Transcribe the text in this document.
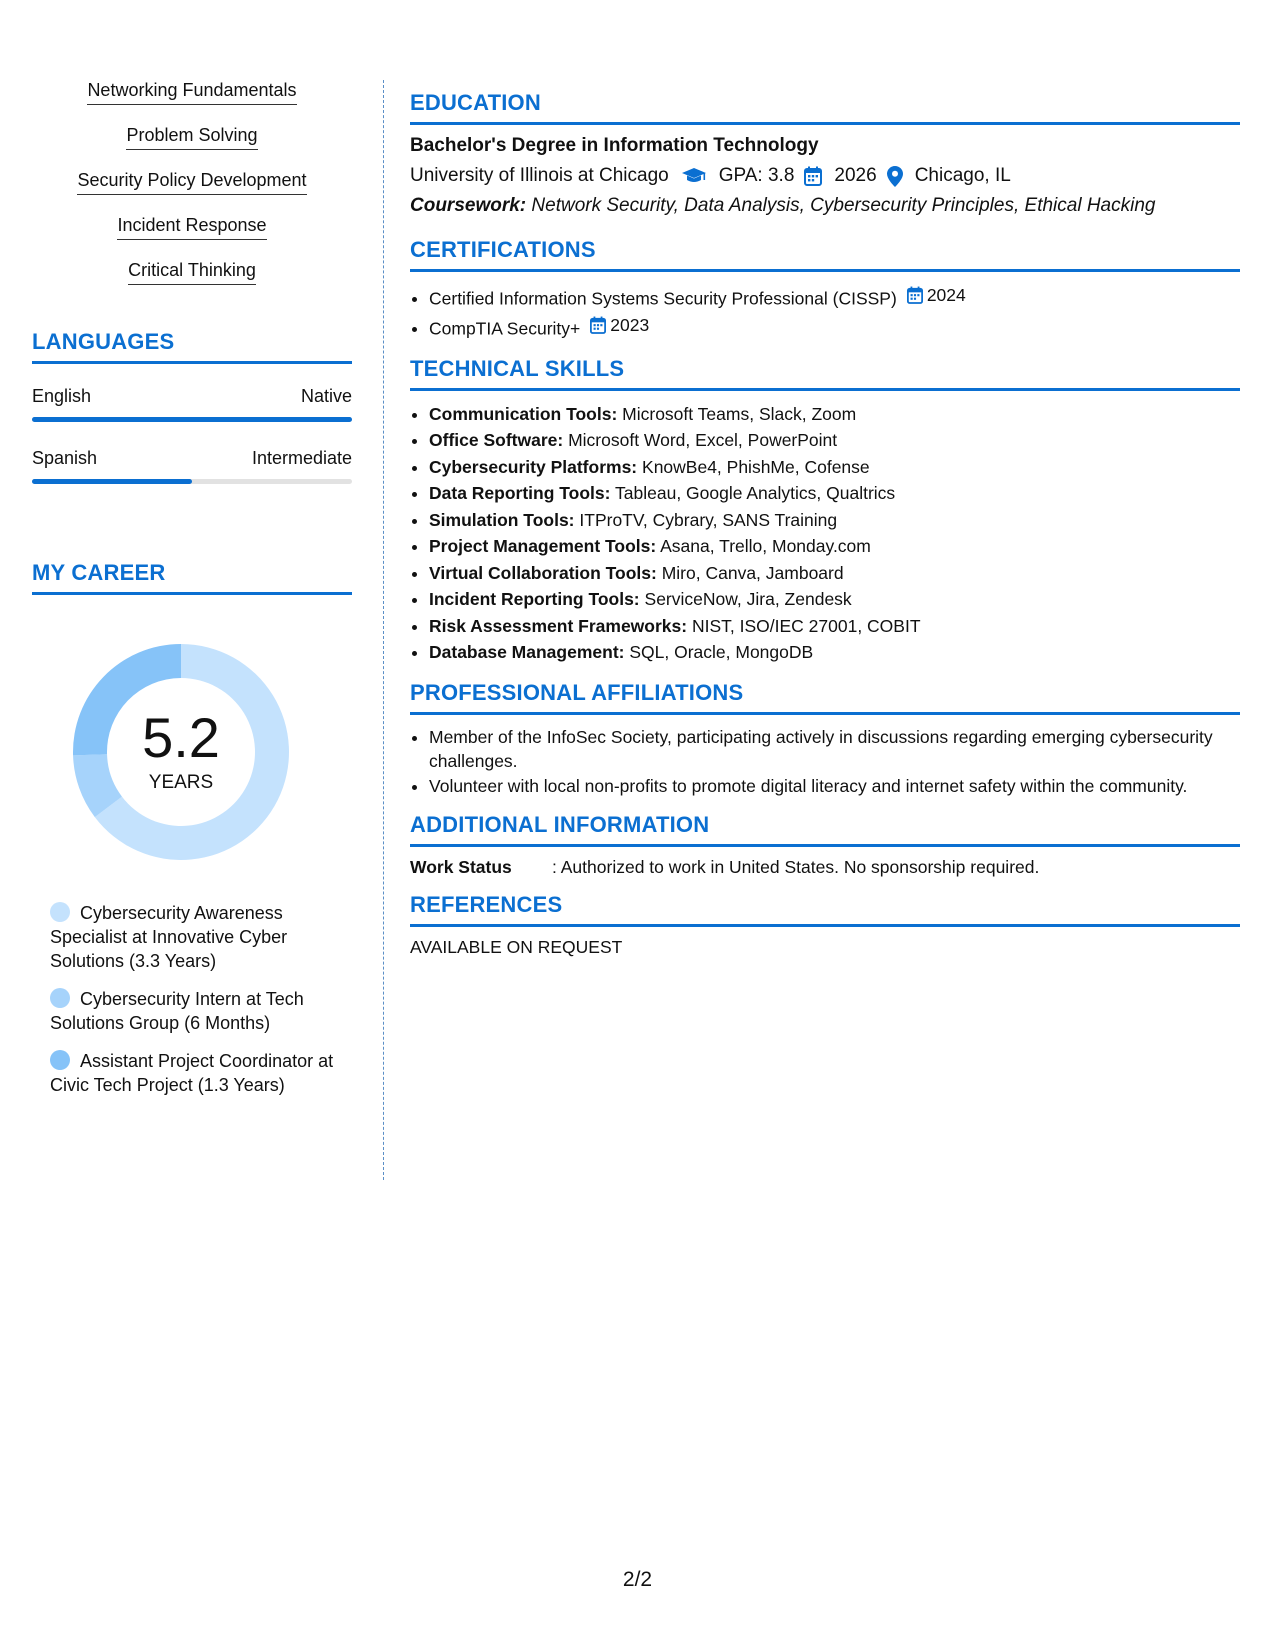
Networking Fundamentals
Problem Solving
Security Policy Development
Incident Response
Critical Thinking
LANGUAGES
English	Native
Spanish	Intermediate
MY CAREER
5.2
YEARS
Cybersecurity Awareness Specialist at Innovative Cyber Solutions (3.3 Years)
Cybersecurity Intern at Tech Solutions Group (6 Months)
Assistant Project Coordinator at Civic Tech Project (1.3 Years)
EDUCATION
Bachelor's Degree in Information Technology
University of Illinois at Chicago	GPA: 3.8 2026 Chicago, IL
Coursework: Network Security, Data Analysis, Cybersecurity Principles, Ethical Hacking
CERTIFICATIONS
• Certified Information Systems Security Professional (CISSP) 2024
• CompTIA Security+ 2023
TECHNICAL SKILLS
• Communication Tools: Microsoft Teams, Slack, Zoom
• Office Software: Microsoft Word, Excel, PowerPoint
• Cybersecurity Platforms: KnowBe4, PhishMe, Cofense
• Data Reporting Tools: Tableau, Google Analytics, Qualtrics
• Simulation Tools: ITProTV, Cybrary, SANS Training
• Project Management Tools: Asana, Trello, Monday.com
• Virtual Collaboration Tools: Miro, Canva, Jamboard
• Incident Reporting Tools: ServiceNow, Jira, Zendesk
• Risk Assessment Frameworks: NIST, ISO/IEC 27001, COBIT
• Database Management: SQL, Oracle, MongoDB
PROFESSIONAL AFFILIATIONS
• Member of the InfoSec Society, participating actively in discussions regarding emerging cybersecurity challenges.
• Volunteer with local non-profits to promote digital literacy and internet safety within the community.
ADDITIONAL INFORMATION
Work Status	: Authorized to work in United States. No sponsorship required.
REFERENCES
AVAILABLE ON REQUEST
2/2
